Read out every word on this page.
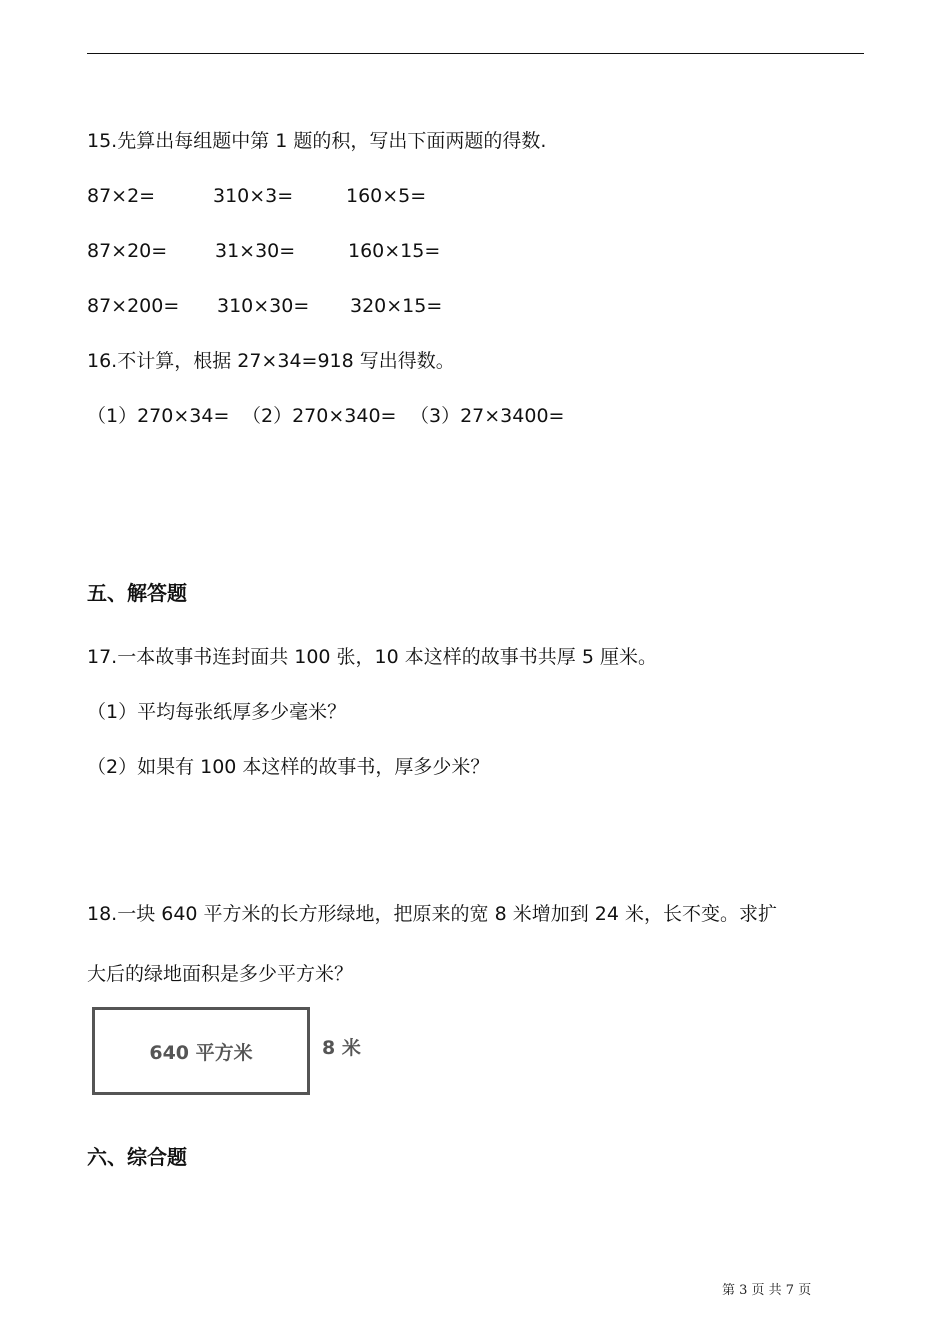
15.先算出每组题中第 1 题的积，写出下面两题的得数.
87×2=	310×3=	160×5=
87×20=	31×30=	160×15=
87×200= 310×30= 320×15=
16.不计算，根据 27×34=918 写出得数。
（1）270×34= （2）270×340= （3）27×3400=
五、解答题
17.一本故事书连封面共 100 张，10 本这样的故事书共厚 5 厘米。
（1）平均每张纸厚多少毫米？
（2）如果有 100 本这样的故事书，厚多少米？
18.一块 640 平方米的长方形绿地，把原来的宽 8 米增加到 24 米，长不变。求扩
大后的绿地面积是多少平方米？
640 平方米	8 米
六、综合题
第 3 页 共 7 页
